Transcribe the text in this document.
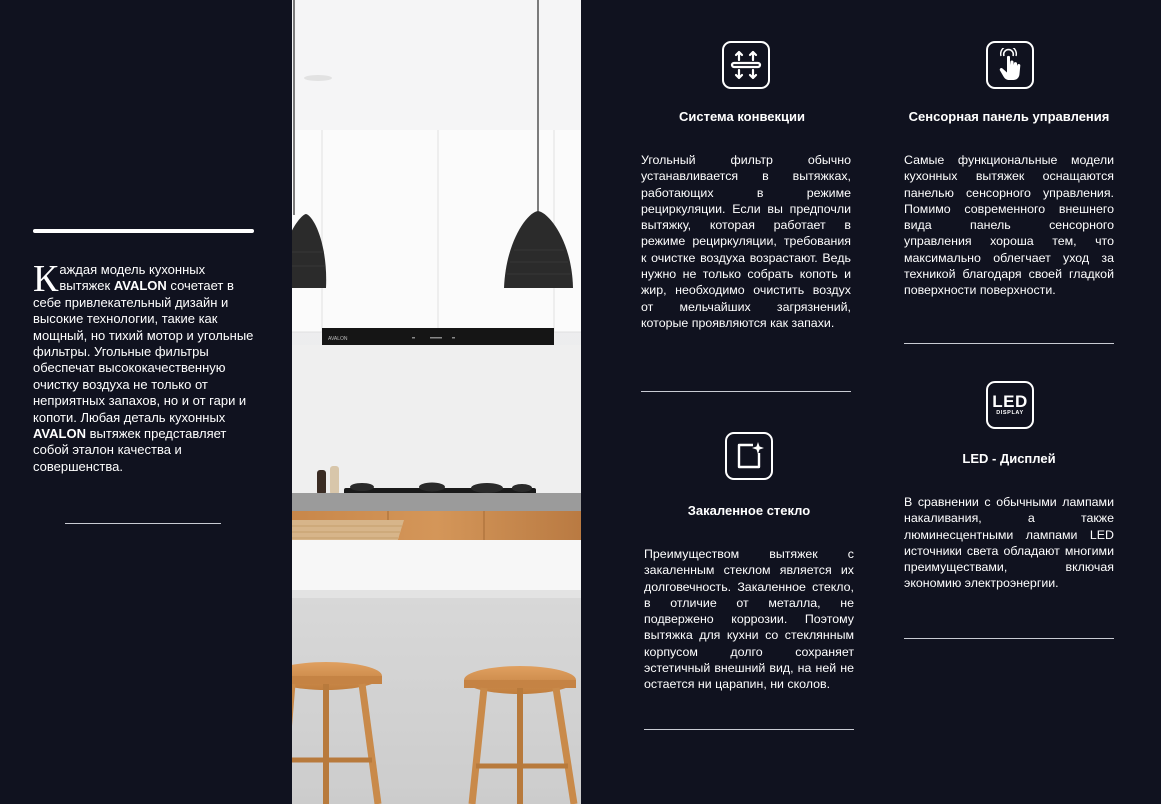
Каждая модель кухонных вытяжек AVALON сочетает в себе привлекательный дизайн и высокие технологии, такие как мощный, но тихий мотор и угольные фильтры. Угольные фильтры обеспечат высококачественную очистку воздуха не только от неприятных запахов, но и от гари и копоти. Любая деталь кухонных AVALON вытяжек представляет собой эталон качества и совершенства.
AVALON
Система конвекции
Угольный фильтр обычно устанавливается в вытяжках, работающих в режиме рециркуляции. Если вы предпочли вытяжку, которая работает в режиме рециркуляции, требования к очистке воздуха возрастают. Ведь нужно не только собрать копоть и жир, необходимо очистить воздух от мельчайших загрязнений, которые проявляются как запахи.
Закаленное стекло
Преимуществом вытяжек с закаленным стеклом является их долговечность. Закаленное стекло, в отличие от металла, не подвержено коррозии. Поэтому вытяжка для кухни со стеклянным корпусом долго сохраняет эстетичный внешний вид, на ней не остается ни царапин, ни сколов.
Сенсорная панель управления
Самые функциональные модели кухонных вытяжек оснащаются панелью сенсорного управления. Помимо современного внешнего вида панель сенсорного управления хороша тем, что максимально облегчает уход за техникой благодаря своей гладкой поверхности поверхности.
LED
DISPLAY
LED - Дисплей
В сравнении с обычными лампами накаливания, а также люминесцентными лампами LED источники света обладают многими преимуществами, включая экономию электроэнергии.
